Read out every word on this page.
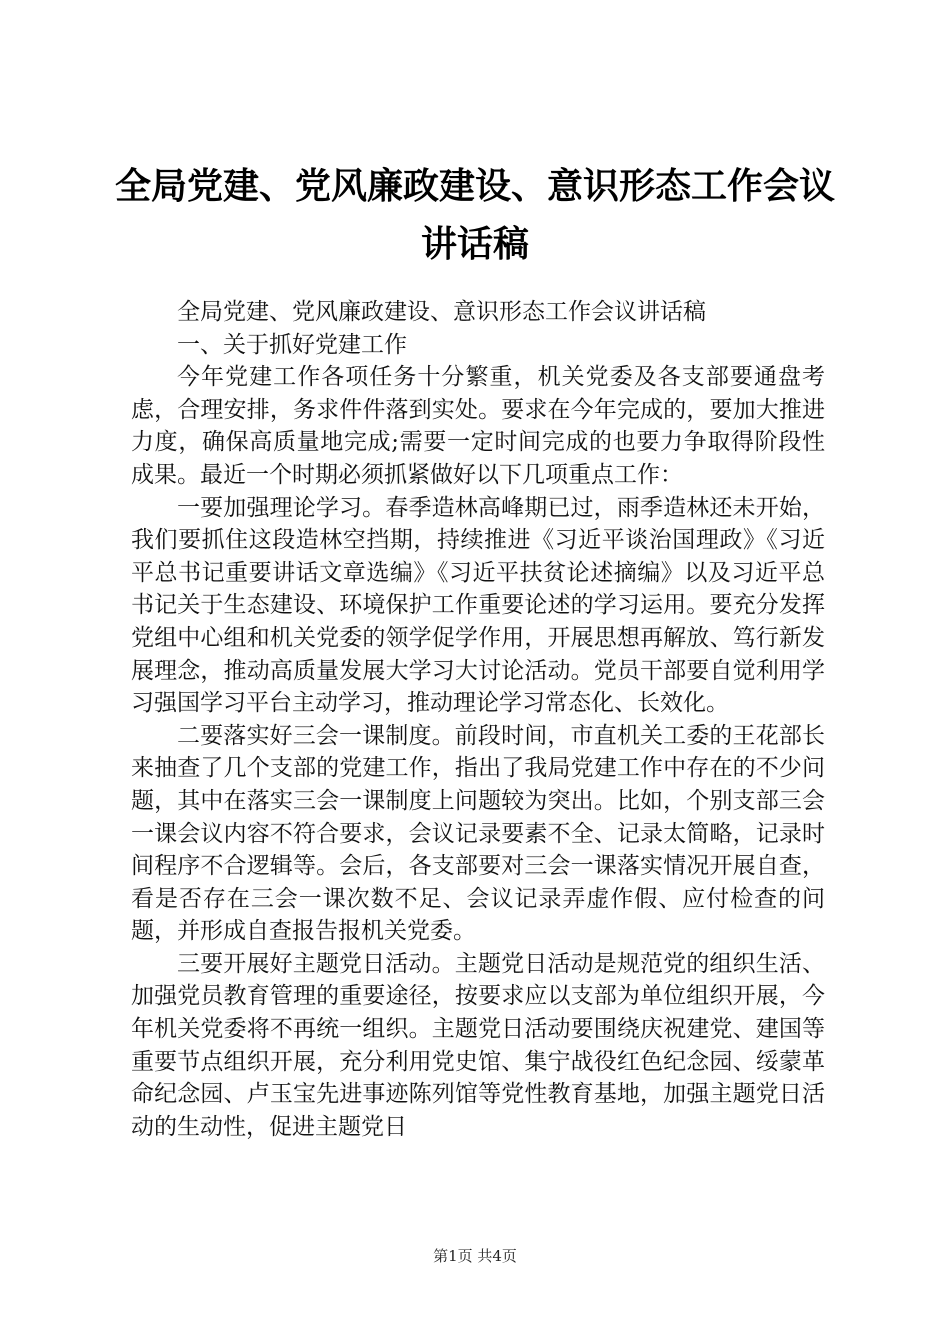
全局党建、党风廉政建设、意识形态工作会议讲话稿

全局党建、党风廉政建设、意识形态工作会议讲话稿

一、关于抓好党建工作

今年党建工作各项任务十分繁重，机关党委及各支部要通盘考虑，合理安排，务求件件落到实处。要求在今年完成的，要加大推进力度，确保高质量地完成;需要一定时间完成的也要力争取得阶段性成果。最近一个时期必须抓紧做好以下几项重点工作：

一要加强理论学习。春季造林高峰期已过，雨季造林还未开始，我们要抓住这段造林空挡期，持续推进《习近平谈治国理政》《习近平总书记重要讲话文章选编》《习近平扶贫论述摘编》以及习近平总书记关于生态建设、环境保护工作重要论述的学习运用。要充分发挥党组中心组和机关党委的领学促学作用，开展思想再解放、笃行新发展理念，推动高质量发展大学习大讨论活动。党员干部要自觉利用学习强国学习平台主动学习，推动理论学习常态化、长效化。

二要落实好三会一课制度。前段时间，市直机关工委的王花部长来抽查了几个支部的党建工作，指出了我局党建工作中存在的不少问题，其中在落实三会一课制度上问题较为突出。比如，个别支部三会一课会议内容不符合要求，会议记录要素不全、记录太简略，记录时间程序不合逻辑等。会后，各支部要对三会一课落实情况开展自查，看是否存在三会一课次数不足、会议记录弄虚作假、应付检查的问题，并形成自查报告报机关党委。

三要开展好主题党日活动。主题党日活动是规范党的组织生活、加强党员教育管理的重要途径，按要求应以支部为单位组织开展，今年机关党委将不再统一组织。主题党日活动要围绕庆祝建党、建国等重要节点组织开展，充分利用党史馆、集宁战役红色纪念园、绥蒙革命纪念园、卢玉宝先进事迹陈列馆等党性教育基地，加强主题党日活动的生动性，促进主题党日

第1页 共4页
